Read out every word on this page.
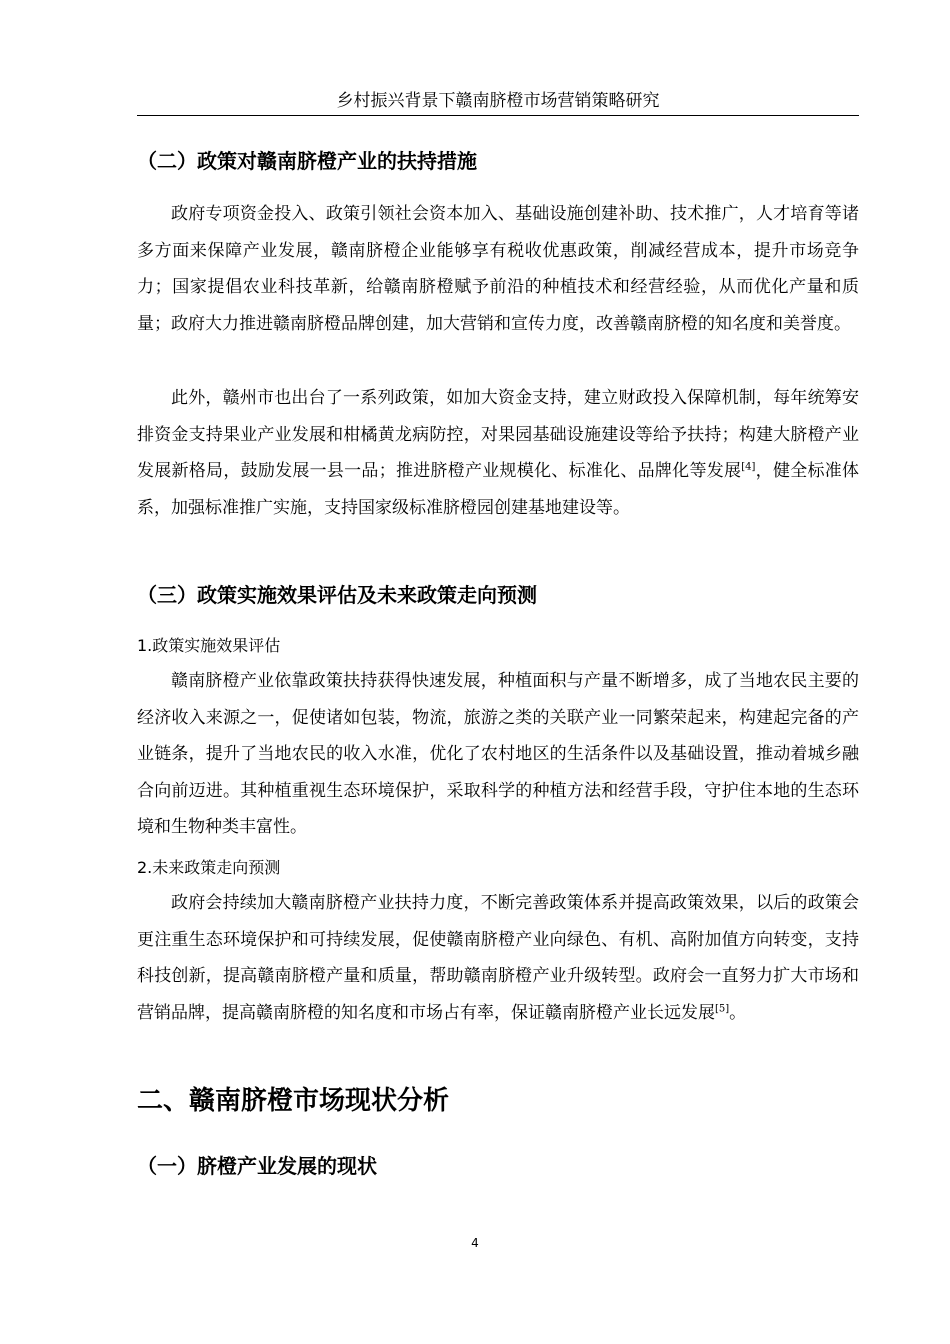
乡村振兴背景下赣南脐橙市场营销策略研究
（二）政策对赣南脐橙产业的扶持措施

政府专项资金投入、政策引领社会资本加入、基础设施创建补助、技术推广，人才培育等诸多方面来保障产业发展，赣南脐橙企业能够享有税收优惠政策，削减经营成本，提升市场竞争力；国家提倡农业科技革新，给赣南脐橙赋予前沿的种植技术和经营经验，从而优化产量和质量；政府大力推进赣南脐橙品牌创建，加大营销和宣传力度，改善赣南脐橙的知名度和美誉度。

此外，赣州市也出台了一系列政策，如加大资金支持，建立财政投入保障机制，每年统筹安排资金支持果业产业发展和柑橘黄龙病防控，对果园基础设施建设等给予扶持；构建大脐橙产业发展新格局，鼓励发展一县一品；推进脐橙产业规模化、标准化、品牌化等发展[4]，健全标准体系，加强标准推广实施，支持国家级标准脐橙园创建基地建设等。

（三）政策实施效果评估及未来政策走向预测
1.政策实施效果评估

赣南脐橙产业依靠政策扶持获得快速发展，种植面积与产量不断增多，成了当地农民主要的经济收入来源之一，促使诸如包装，物流，旅游之类的关联产业一同繁荣起来，构建起完备的产业链条，提升了当地农民的收入水准，优化了农村地区的生活条件以及基础设置，推动着城乡融合向前迈进。其种植重视生态环境保护，采取科学的种植方法和经营手段，守护住本地的生态环境和生物种类丰富性。

2.未来政策走向预测

政府会持续加大赣南脐橙产业扶持力度，不断完善政策体系并提高政策效果，以后的政策会更注重生态环境保护和可持续发展，促使赣南脐橙产业向绿色、有机、高附加值方向转变，支持科技创新，提高赣南脐橙产量和质量，帮助赣南脐橙产业升级转型。政府会一直努力扩大市场和营销品牌，提高赣南脐橙的知名度和市场占有率，保证赣南脐橙产业长远发展[5]。

二、赣南脐橙市场现状分析
（一）脐橙产业发展的现状
4
